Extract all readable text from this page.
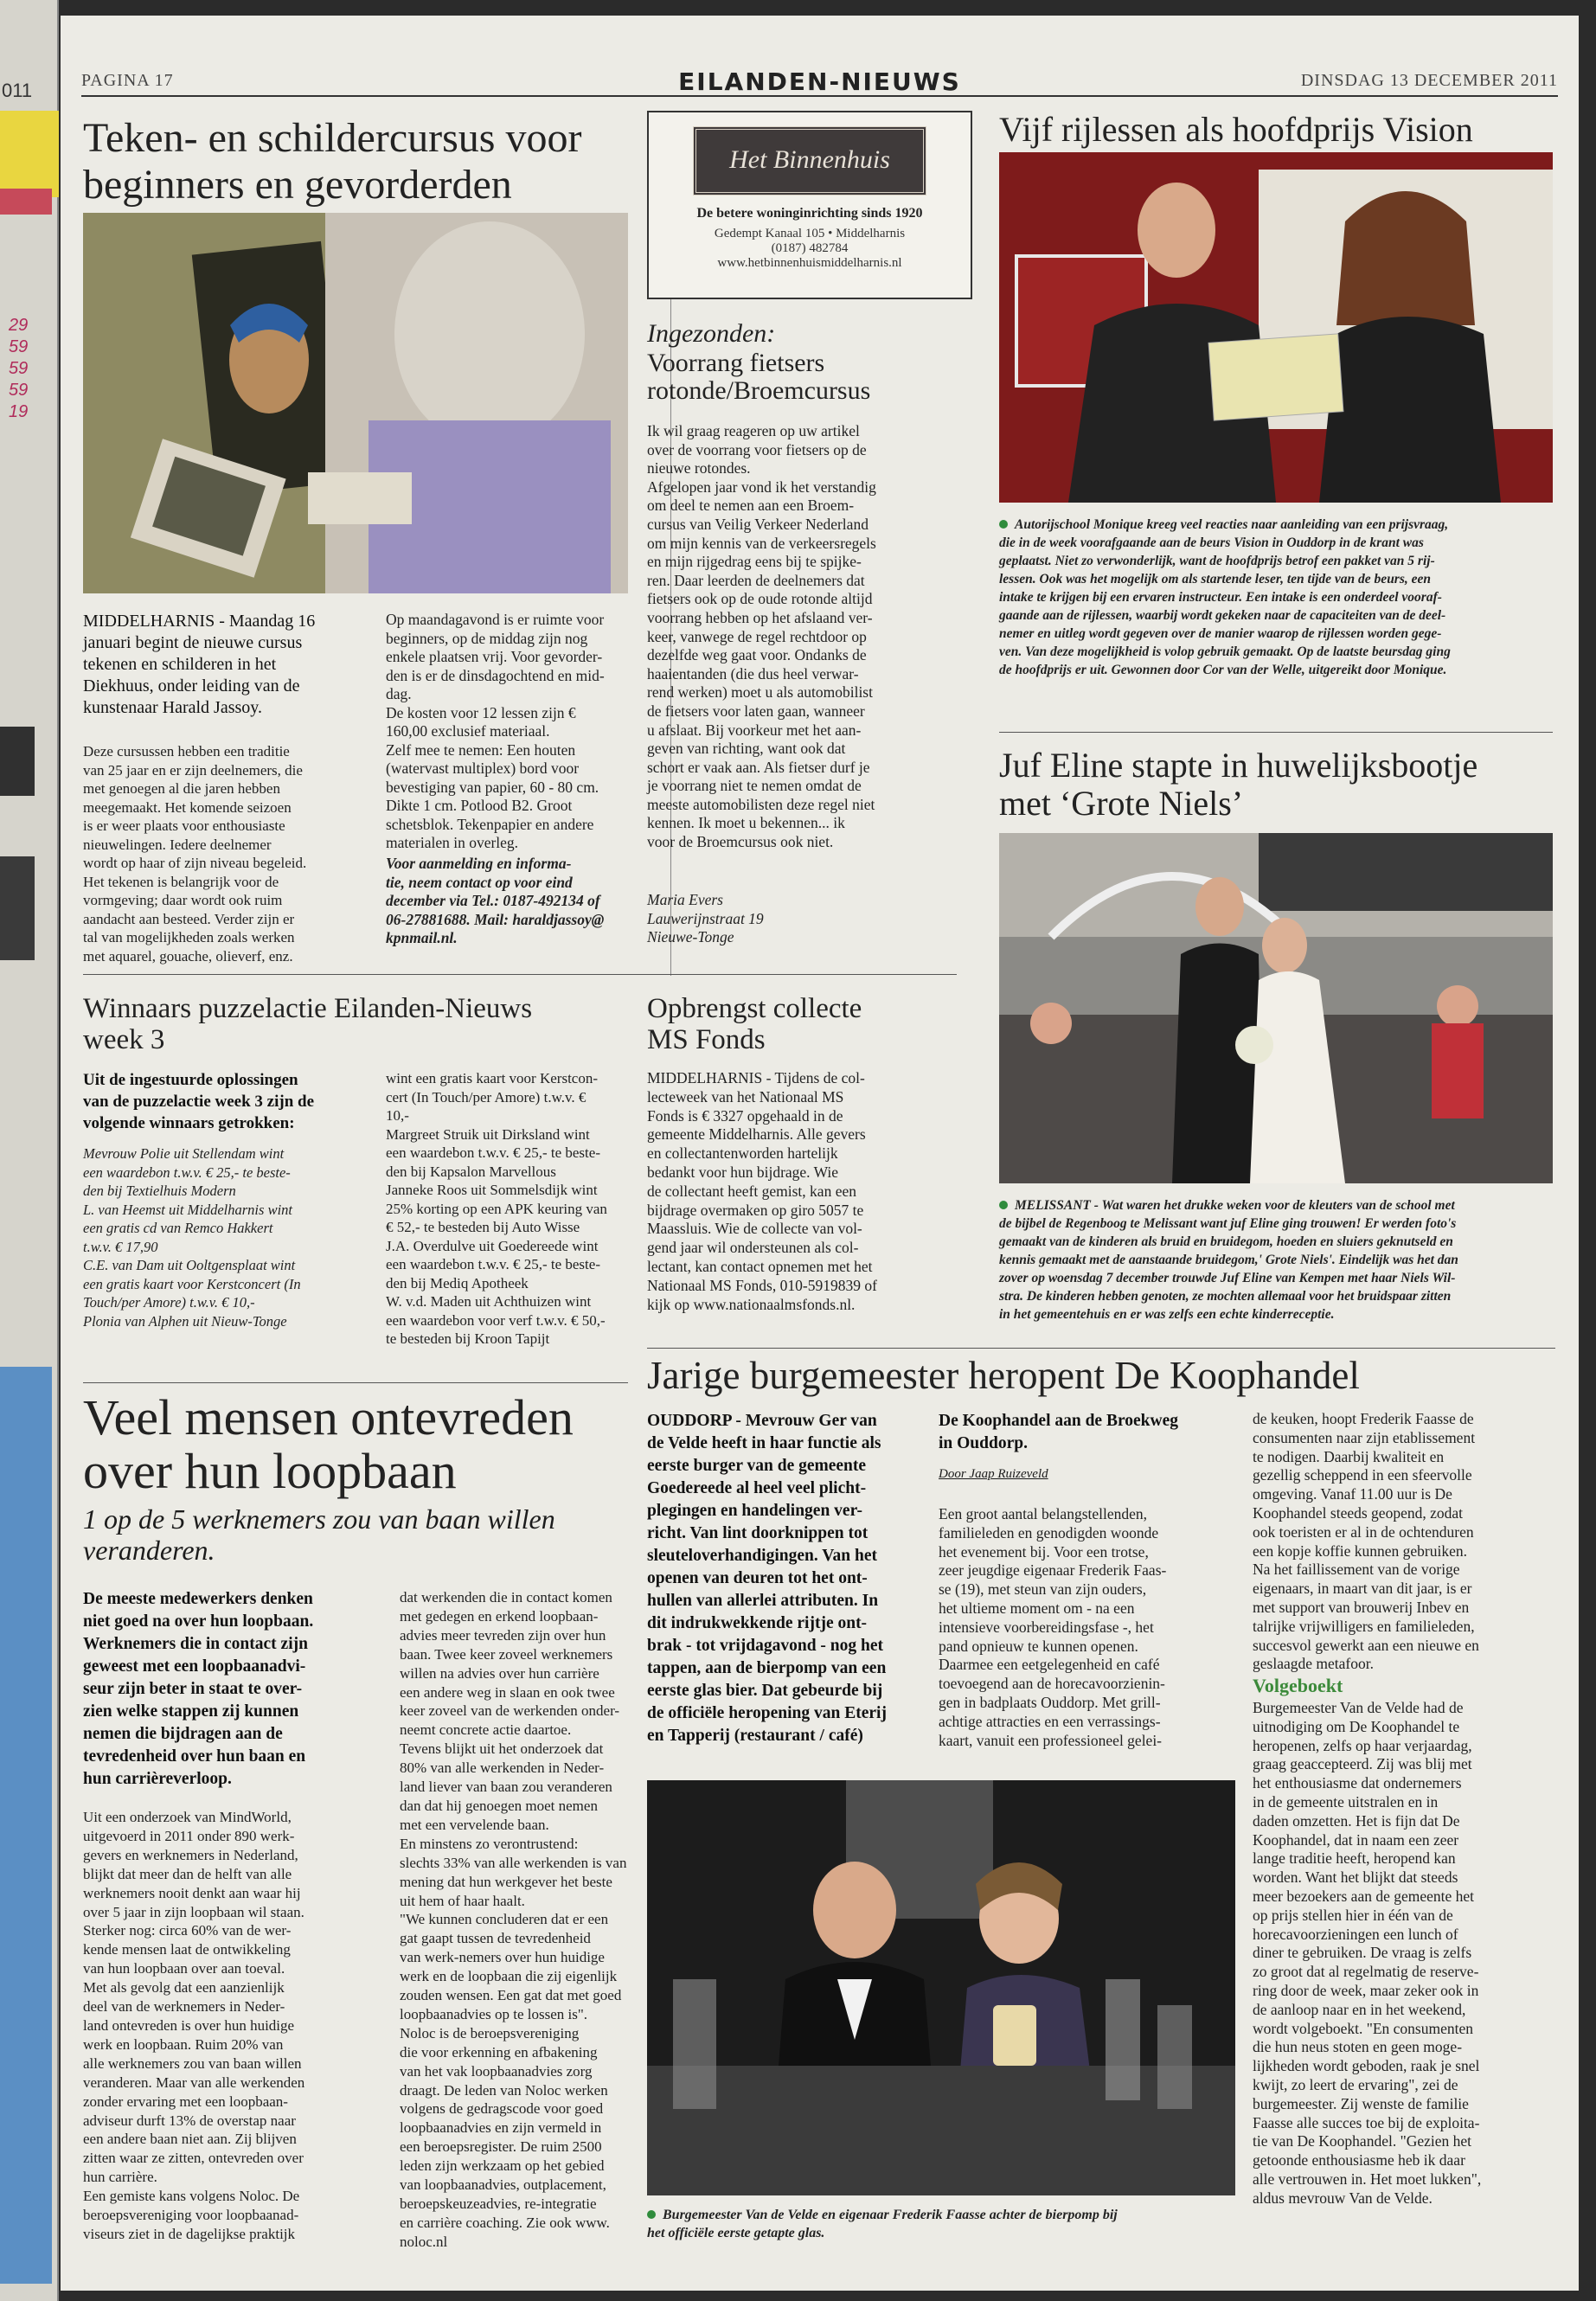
011
29
59
59
59
19
PAGINA 17	EILANDEN-NIEUWS	DINSDAG 13 DECEMBER 2011
Teken- en schildercursus voor
beginners en gevorderden
MIDDELHARNIS - Maandag 16
januari begint de nieuwe cursus
tekenen en schilderen in het
Diekhuus, onder leiding van de
kunstenaar Harald Jassoy.
Deze cursussen hebben een traditie
van 25 jaar en er zijn deelnemers, die
met genoegen al die jaren hebben
meegemaakt. Het komende seizoen
is er weer plaats voor enthousiaste
nieuwelingen. Iedere deelnemer
wordt op haar of zijn niveau begeleid.
Het tekenen is belangrijk voor de
vormgeving; daar wordt ook ruim
aandacht aan besteed. Verder zijn er
tal van mogelijkheden zoals werken
met aquarel, gouache, olieverf, enz.
Op maandagavond is er ruimte voor
beginners, op de middag zijn nog
enkele plaatsen vrij. Voor gevorder-
den is er de dinsdagochtend en mid-
dag.
De kosten voor 12 lessen zijn €
160,00 exclusief materiaal.
Zelf mee te nemen: Een houten
(watervast multiplex) bord voor
bevestiging van papier, 60 - 80 cm.
Dikte 1 cm. Potlood B2. Groot
schetsblok. Tekenpapier en andere
materialen in overleg.
Voor aanmelding en informa-
tie, neem contact op voor eind
december via Tel.: 0187-492134 of
06-27881688. Mail: haraldjassoy@
kpnmail.nl.
Het Binnenhuis
De betere woninginrichting sinds 1920
Gedempt Kanaal 105 • Middelharnis
(0187) 482784
www.hetbinnenhuismiddelharnis.nl
Ingezonden:
Voorrang fietsers
rotonde/Broemcursus
Ik wil graag reageren op uw artikel
over de voorrang voor fietsers op de
nieuwe rotondes.
Afgelopen jaar vond ik het verstandig
om deel te nemen aan een Broem-
cursus van Veilig Verkeer Nederland
om mijn kennis van de verkeersregels
en mijn rijgedrag eens bij te spijke-
ren. Daar leerden de deelnemers dat
fietsers ook op de oude rotonde altijd
voorrang hebben op het afslaand ver-
keer, vanwege de regel rechtdoor op
dezelfde weg gaat voor. Ondanks de
haaientanden (die dus heel verwar-
rend werken) moet u als automobilist
de fietsers voor laten gaan, wanneer
u afslaat. Bij voorkeur met het aan-
geven van richting, want ook dat
schort er vaak aan. Als fietser durf je
je voorrang niet te nemen omdat de
meeste automobilisten deze regel niet
kennen. Ik moet u bekennen... ik
voor de Broemcursus ook niet.
Maria Evers
Lauwerijnstraat 19
Nieuwe-Tonge
Vijf rijlessen als hoofdprijs Vision
Autorijschool Monique kreeg veel reacties naar aanleiding van een prijsvraag,
die in de week voorafgaande aan de beurs Vision in Ouddorp in de krant was
geplaatst. Niet zo verwonderlijk, want de hoofdprijs betrof een pakket van 5 rij-
lessen. Ook was het mogelijk om als startende leser, ten tijde van de beurs, een
intake te krijgen bij een ervaren instructeur. Een intake is een onderdeel vooraf-
gaande aan de rijlessen, waarbij wordt gekeken naar de capaciteiten van de deel-
nemer en uitleg wordt gegeven over de manier waarop de rijlessen worden gege-
ven. Van deze mogelijkheid is volop gebruik gemaakt. Op de laatste beursdag ging
de hoofdprijs er uit. Gewonnen door Cor van der Welle, uitgereikt door Monique.
Juf Eline stapte in huwelijksbootje
met ‘Grote Niels’
MELISSANT - Wat waren het drukke weken voor de kleuters van de school met
de bijbel de Regenboog te Melissant want juf Eline ging trouwen! Er werden foto's
gemaakt van de kinderen als bruid en bruidegom, hoeden en sluiers geknutseld en
kennis gemaakt met de aanstaande bruidegom,' Grote Niels'. Eindelijk was het dan
zover op woensdag 7 december trouwde Juf Eline van Kempen met haar Niels Wil-
stra. De kinderen hebben genoten, ze mochten allemaal voor het bruidspaar zitten
in het gemeentehuis en er was zelfs een echte kinderreceptie.
Winnaars puzzelactie Eilanden-Nieuws
week 3
Uit de ingestuurde oplossingen
van de puzzelactie week 3 zijn de
volgende winnaars getrokken:
Mevrouw Polie uit Stellendam wint
een waardebon t.w.v. € 25,- te beste-
den bij Textielhuis Modern
L. van Heemst uit Middelharnis wint
een gratis cd van Remco Hakkert
t.w.v. € 17,90
C.E. van Dam uit Ooltgensplaat wint
een gratis kaart voor Kerstconcert (In
Touch/per Amore) t.w.v. € 10,-
Plonia van Alphen uit Nieuw-Tonge
wint een gratis kaart voor Kerstcon-
cert (In Touch/per Amore) t.w.v. €
10,-
Margreet Struik uit Dirksland wint
een waardebon t.w.v. € 25,- te beste-
den bij Kapsalon Marvellous
Janneke Roos uit Sommelsdijk wint
25% korting op een APK keuring van
€ 52,- te besteden bij Auto Wisse
J.A. Overdulve uit Goedereede wint
een waardebon t.w.v. € 25,- te beste-
den bij Mediq Apotheek
W. v.d. Maden uit Achthuizen wint
een waardebon voor verf t.w.v. € 50,-
te besteden bij Kroon Tapijt
Opbrengst collecte
MS Fonds
MIDDELHARNIS - Tijdens de col-
lecteweek van het Nationaal MS
Fonds is € 3327 opgehaald in de
gemeente Middelharnis. Alle gevers
en collectantenworden hartelijk
bedankt voor hun bijdrage. Wie
de collectant heeft gemist, kan een
bijdrage overmaken op giro 5057 te
Maassluis. Wie de collecte van vol-
gend jaar wil ondersteunen als col-
lectant, kan contact opnemen met het
Nationaal MS Fonds, 010-5919839 of
kijk op www.nationaalmsfonds.nl.
Veel mensen ontevreden
over hun loopbaan
1 op de 5 werknemers zou van baan willen
veranderen.
De meeste medewerkers denken
niet goed na over hun loopbaan.
Werknemers die in contact zijn
geweest met een loopbaanadvi-
seur zijn beter in staat te over-
zien welke stappen zij kunnen
nemen die bijdragen aan de
tevredenheid over hun baan en
hun carrièreverloop.
Uit een onderzoek van MindWorld,
uitgevoerd in 2011 onder 890 werk-
gevers en werknemers in Nederland,
blijkt dat meer dan de helft van alle
werknemers nooit denkt aan waar hij
over 5 jaar in zijn loopbaan wil staan.
Sterker nog: circa 60% van de wer-
kende mensen laat de ontwikkeling
van hun loopbaan over aan toeval.
Met als gevolg dat een aanzienlijk
deel van de werknemers in Neder-
land ontevreden is over hun huidige
werk en loopbaan. Ruim 20% van
alle werknemers zou van baan willen
veranderen. Maar van alle werkenden
zonder ervaring met een loopbaan-
adviseur durft 13% de overstap naar
een andere baan niet aan. Zij blijven
zitten waar ze zitten, ontevreden over
hun carrière.
Een gemiste kans volgens Noloc. De
beroepsvereniging voor loopbaanad-
viseurs ziet in de dagelijkse praktijk
dat werkenden die in contact komen
met gedegen en erkend loopbaan-
advies meer tevreden zijn over hun
baan. Twee keer zoveel werknemers
willen na advies over hun carrière
een andere weg in slaan en ook twee
keer zoveel van de werkenden onder-
neemt concrete actie daartoe.
Tevens blijkt uit het onderzoek dat
80% van alle werkenden in Neder-
land liever van baan zou veranderen
dan dat hij genoegen moet nemen
met een vervelende baan.
En minstens zo verontrustend:
slechts 33% van alle werkenden is van
mening dat hun werkgever het beste
uit hem of haar haalt.
"We kunnen concluderen dat er een
gat gaapt tussen de tevredenheid
van werk-nemers over hun huidige
werk en de loopbaan die zij eigenlijk
zouden wensen. Een gat dat met goed
loopbaanadvies op te lossen is".
Noloc is de beroepsvereniging
die voor erkenning en afbakening
van het vak loopbaanadvies zorg
draagt. De leden van Noloc werken
volgens de gedragscode voor goed
loopbaanadvies en zijn vermeld in
een beroepsregister. De ruim 2500
leden zijn werkzaam op het gebied
van loopbaanadvies, outplacement,
beroepskeuzeadvies, re-integratie
en carrière coaching. Zie ook www.
noloc.nl
Jarige burgemeester heropent De Koophandel
OUDDORP - Mevrouw Ger van
de Velde heeft in haar functie als
eerste burger van de gemeente
Goedereede al heel veel plicht-
plegingen en handelingen ver-
richt. Van lint doorknippen tot
sleuteloverhandigingen. Van het
openen van deuren tot het ont-
hullen van allerlei attributen. In
dit indrukwekkende rijtje ont-
brak - tot vrijdagavond - nog het
tappen, aan de bierpomp van een
eerste glas bier. Dat gebeurde bij
de officiële heropening van Eterij
en Tapperij (restaurant / café)
De Koophandel aan de Broekweg
in Ouddorp.
Door Jaap Ruizeveld
Een groot aantal belangstellenden,
familieleden en genodigden woonde
het evenement bij. Voor een trotse,
zeer jeugdige eigenaar Frederik Faas-
se (19), met steun van zijn ouders,
het ultieme moment om - na een
intensieve voorbereidingsfase -, het
pand opnieuw te kunnen openen.
Daarmee een eetgelegenheid en café
toevoegend aan de horecavoorzienin-
gen in badplaats Ouddorp. Met grill-
achtige attracties en een verrassings-
kaart, vanuit een professioneel gelei-
de keuken, hoopt Frederik Faasse de
consumenten naar zijn etablissement
te nodigen. Daarbij kwaliteit en
gezellig scheppend in een sfeervolle
omgeving. Vanaf 11.00 uur is De
Koophandel steeds geopend, zodat
ook toeristen er al in de ochtenduren
een kopje koffie kunnen gebruiken.
Na het faillissement van de vorige
eigenaars, in maart van dit jaar, is er
met support van brouwerij Inbev en
talrijke vrijwilligers en familieleden,
succesvol gewerkt aan een nieuwe en
geslaagde metafoor.
Volgeboekt
Burgemeester Van de Velde had de
uitnodiging om De Koophandel te
heropenen, zelfs op haar verjaardag,
graag geaccepteerd. Zij was blij met
het enthousiasme dat ondernemers
in de gemeente uitstralen en in
daden omzetten. Het is fijn dat De
Koophandel, dat in naam een zeer
lange traditie heeft, heropend kan
worden. Want het blijkt dat steeds
meer bezoekers aan de gemeente het
op prijs stellen hier in één van de
horecavoorzieningen een lunch of
diner te gebruiken. De vraag is zelfs
zo groot dat al regelmatig de reserve-
ring door de week, maar zeker ook in
de aanloop naar en in het weekend,
wordt volgeboekt. "En consumenten
die hun neus stoten en geen moge-
lijkheden wordt geboden, raak je snel
kwijt, zo leert de ervaring", zei de
burgemeester. Zij wenste de familie
Faasse alle succes toe bij de exploita-
tie van De Koophandel. "Gezien het
getoonde enthousiasme heb ik daar
alle vertrouwen in. Het moet lukken",
aldus mevrouw Van de Velde.
Burgemeester Van de Velde en eigenaar Frederik Faasse achter de bierpomp bij
het officiële eerste getapte glas.
